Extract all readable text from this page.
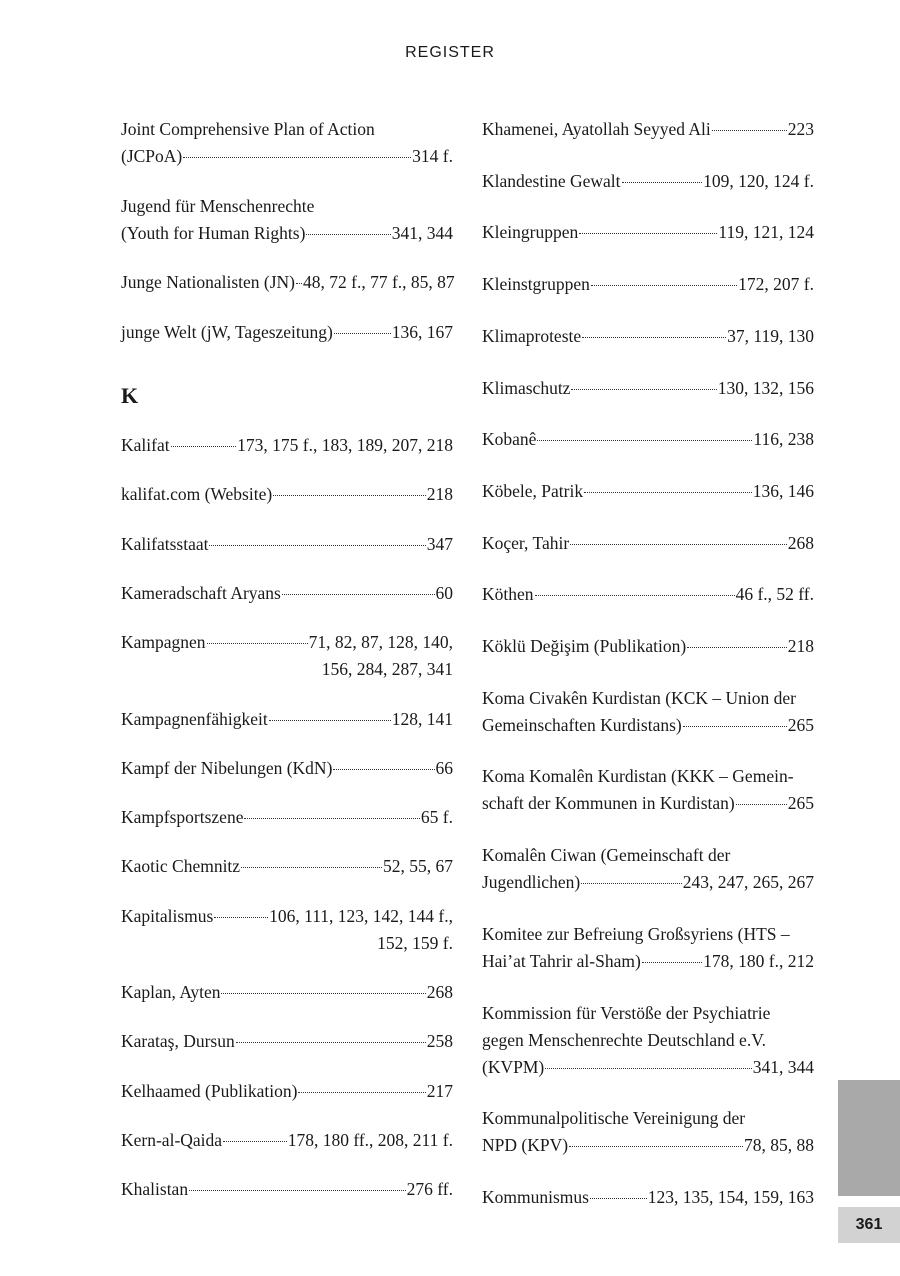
REGISTER
Joint Comprehensive Plan of Action
(JCPoA)	314 f.
Jugend für Menschenrechte
(Youth for Human Rights)	341, 344
Junge Nationalisten (JN) 48, 72 f., 77 f., 85, 87
junge Welt (jW, Tageszeitung)	136, 167
K
Kalifat	173, 175 f., 183, 189, 207, 218
kalifat.com (Website)	218
Kalifatsstaat	347
Kameradschaft Aryans	60
Kampagnen	71, 82, 87, 128, 140,
156, 284, 287, 341
Kampagnenfähigkeit	128, 141
Kampf der Nibelungen (KdN)	66
Kampfsportszene	65 f.
Kaotic Chemnitz	52, 55, 67
Kapitalismus	106, 111, 123, 142, 144 f.,
152, 159 f.
Kaplan, Ayten	268
Karataş, Dursun	258
Kelhaamed (Publikation)	217
Kern-al-Qaida	178, 180 ff., 208, 211 f.
Khalistan	276 ff.
Khamenei, Ayatollah Seyyed Ali	223
Klandestine Gewalt	109, 120, 124 f.
Kleingruppen	119, 121, 124
Kleinstgruppen	172, 207 f.
Klimaproteste	37, 119, 130
Klimaschutz	130, 132, 156
Kobanê	116, 238
Köbele, Patrik	136, 146
Koçer, Tahir	268
Köthen	46 f., 52 ff.
Köklü Değişim (Publikation)	218
Koma Civakên Kurdistan (KCK – Union der
Gemeinschaften Kurdistans)	265
Koma Komalên Kurdistan (KKK – Gemein-
schaft der Kommunen in Kurdistan)	265
Komalên Ciwan (Gemeinschaft der
Jugendlichen)	243, 247, 265, 267
Komitee zur Befreiung Großsyriens (HTS –
Hai’at Tahrir al-Sham)	178, 180 f., 212
Kommission für Verstöße der Psychiatrie
gegen Menschenrechte Deutschland e.V.
(KVPM)	341, 344
Kommunalpolitische Vereinigung der
NPD (KPV)	78, 85, 88
Kommunismus	123, 135, 154, 159, 163
361
